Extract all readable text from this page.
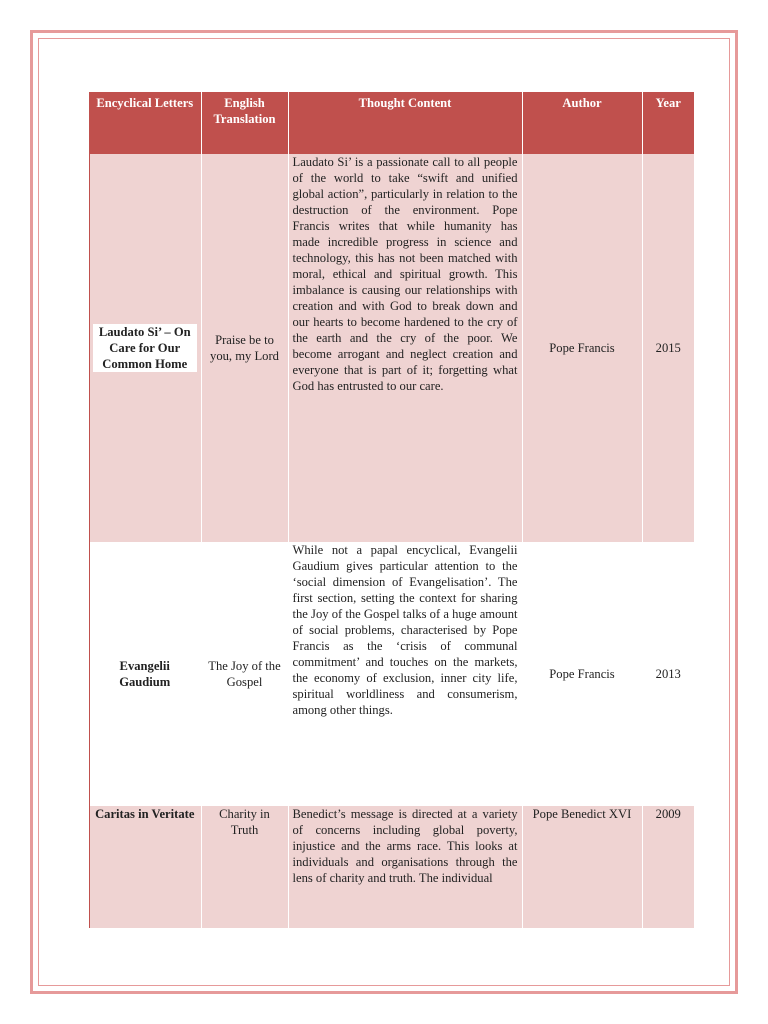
Encyclical Letters	English Translation	Thought Content	Author	Year
Laudato Si’ – On Care for Our Common Home	Praise be to you, my Lord	Laudato Si’ is a passionate call to all people of the world to take “swift and unified global action”, particularly in relation to the destruction of the environment. Pope Francis writes that while humanity has made incredible progress in science and technology, this has not been matched with moral, ethical and spiritual growth. This imbalance is causing our relationships with creation and with God to break down and our hearts to become hardened to the cry of the earth and the cry of the poor. We become arrogant and neglect creation and everyone that is part of it; forgetting what God has entrusted to our care.	Pope Francis	2015
Evangelii Gaudium	The Joy of the Gospel	While not a papal encyclical, Evangelii Gaudium gives particular attention to the ‘social dimension of Evangelisation’. The first section, setting the context for sharing the Joy of the Gospel talks of a huge amount of social problems, characterised by Pope Francis as the ‘crisis of communal commitment’ and touches on the markets, the economy of exclusion, inner city life, spiritual worldliness and consumerism, among other things.	Pope Francis	2013
Caritas in Veritate	Charity in Truth	Benedict’s message is directed at a variety of concerns including global poverty, injustice and the arms race. This looks at individuals and organisations through the lens of charity and truth. The individual	Pope Benedict XVI	2009
